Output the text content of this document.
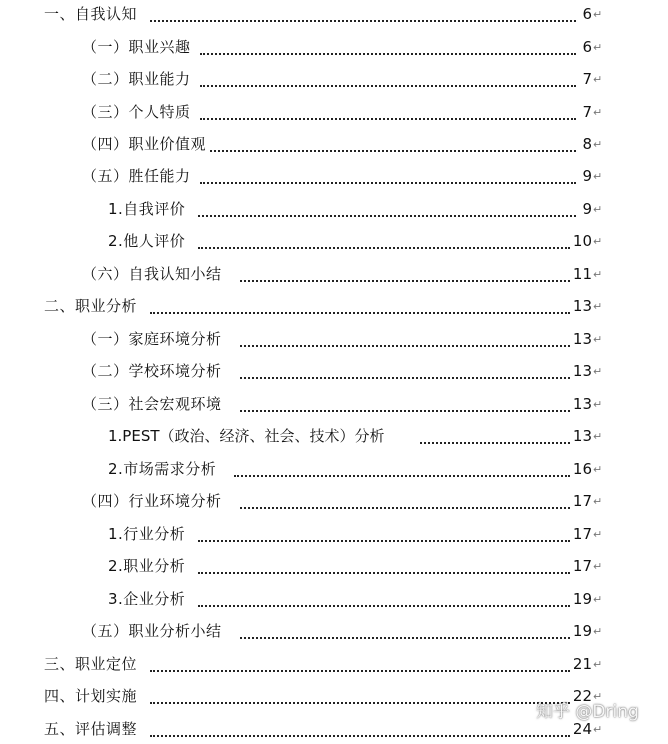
一、自我认知	6 ↵
（一）职业兴趣	6 ↵
（二）职业能力	7 ↵
（三）个人特质	7 ↵
（四）职业价值观	8 ↵
（五）胜任能力	9 ↵
1.自我评价	9 ↵
2.他人评价	10 ↵
（六）自我认知小结	11 ↵
二、职业分析	13 ↵
（一）家庭环境分析	13 ↵
（二）学校环境分析	13 ↵
（三）社会宏观环境	13 ↵
1.PEST（政治、经济、社会、技术）分析	13 ↵
2.市场需求分析	16 ↵
（四）行业环境分析	17 ↵
1.行业分析	17 ↵
2.职业分析	17 ↵
3.企业分析	19 ↵
（五）职业分析小结	19 ↵
三、职业定位	21 ↵
四、计划实施	22 ↵
五、评估调整	24 ↵
知乎 @Dring
